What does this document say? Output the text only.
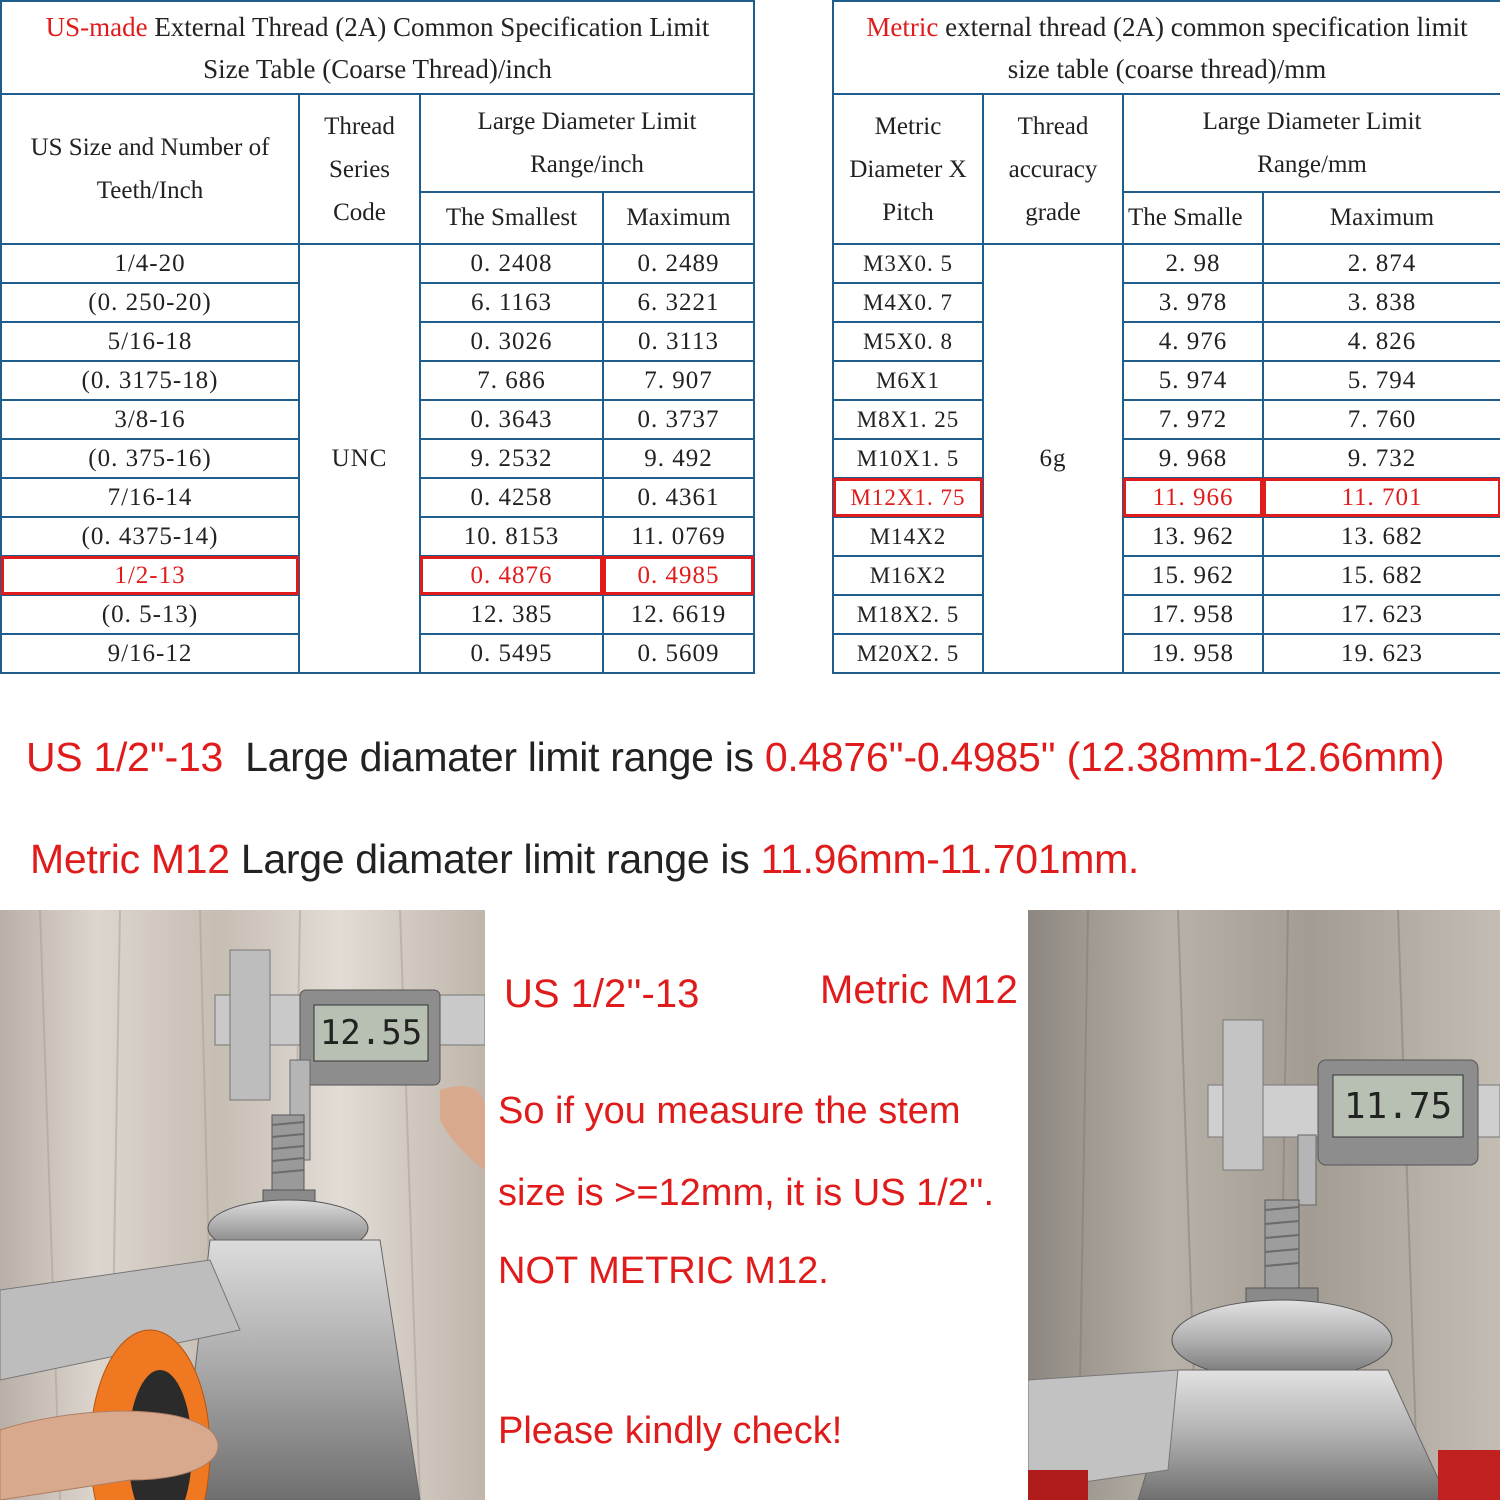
US-made External Thread (2A) Common Specification Limit Size Table (Coarse Thread)/inch			
US Size and Number of Teeth/Inch	Thread Series Code	Large Diameter Limit Range/inch	
		The Smallest	Maximum
1/4-20	UNC	0. 2408	0. 2489
(0. 250-20)		6. 1163	6. 3221
5/16-18		0. 3026	0. 3113
(0. 3175-18)		7. 686	7. 907
3/8-16		0. 3643	0. 3737
(0. 375-16)		9. 2532	9. 492
7/16-14		0. 4258	0. 4361
(0. 4375-14)		10. 8153	11. 0769
1/2-13		0. 4876	0. 4985
(0. 5-13)		12. 385	12. 6619
9/16-12		0. 5495	0. 5609
Metric external thread (2A) common specification limit size table (coarse thread)/mm			
Metric Diameter X Pitch	Thread accuracy grade	Large Diameter Limit Range/mm	
		The Smalle	Maximum
M3X0. 5	6g	2. 98	2. 874
M4X0. 7		3. 978	3. 838
M5X0. 8		4. 976	4. 826
M6X1		5. 974	5. 794
M8X1. 25		7. 972	7. 760
M10X1. 5		9. 968	9. 732
M12X1. 75		11. 966	11. 701
M14X2		13. 962	13. 682
M16X2		15. 962	15. 682
M18X2. 5		17. 958	17. 623
M20X2. 5		19. 958	19. 623
US 1/2''-13  Large diamater limit range is 0.4876''-0.4985'' (12.38mm-12.66mm)
Metric M12 Large diamater limit range is 11.96mm-11.701mm.
12.55
US 1/2''-13	Metric M12
So if you measure the stem
size is >=12mm, it is US 1/2''.
NOT METRIC M12.
Please kindly check!
11.75
